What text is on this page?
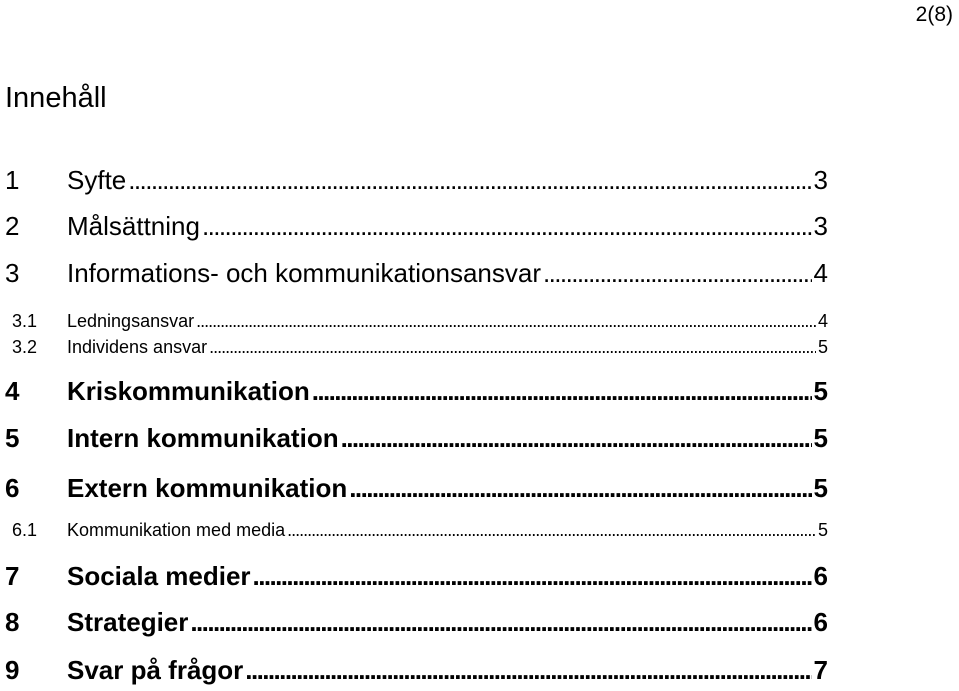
2(8)
Innehåll
1	Syfte . . .	3
2	Målsättning . . .	3
3	Informations- och kommunikationsansvar . . .	4
3.1	Ledningsansvar . . .	4
3.2	Individens ansvar . . .	5
4	Kriskommunikation . . .	5
5	Intern kommunikation . . .	5
6	Extern kommunikation . . .	5
6.1	Kommunikation med media . . .	5
7	Sociala medier . . .	6
8	Strategier . . .	6
9	Svar på frågor . . .	7
